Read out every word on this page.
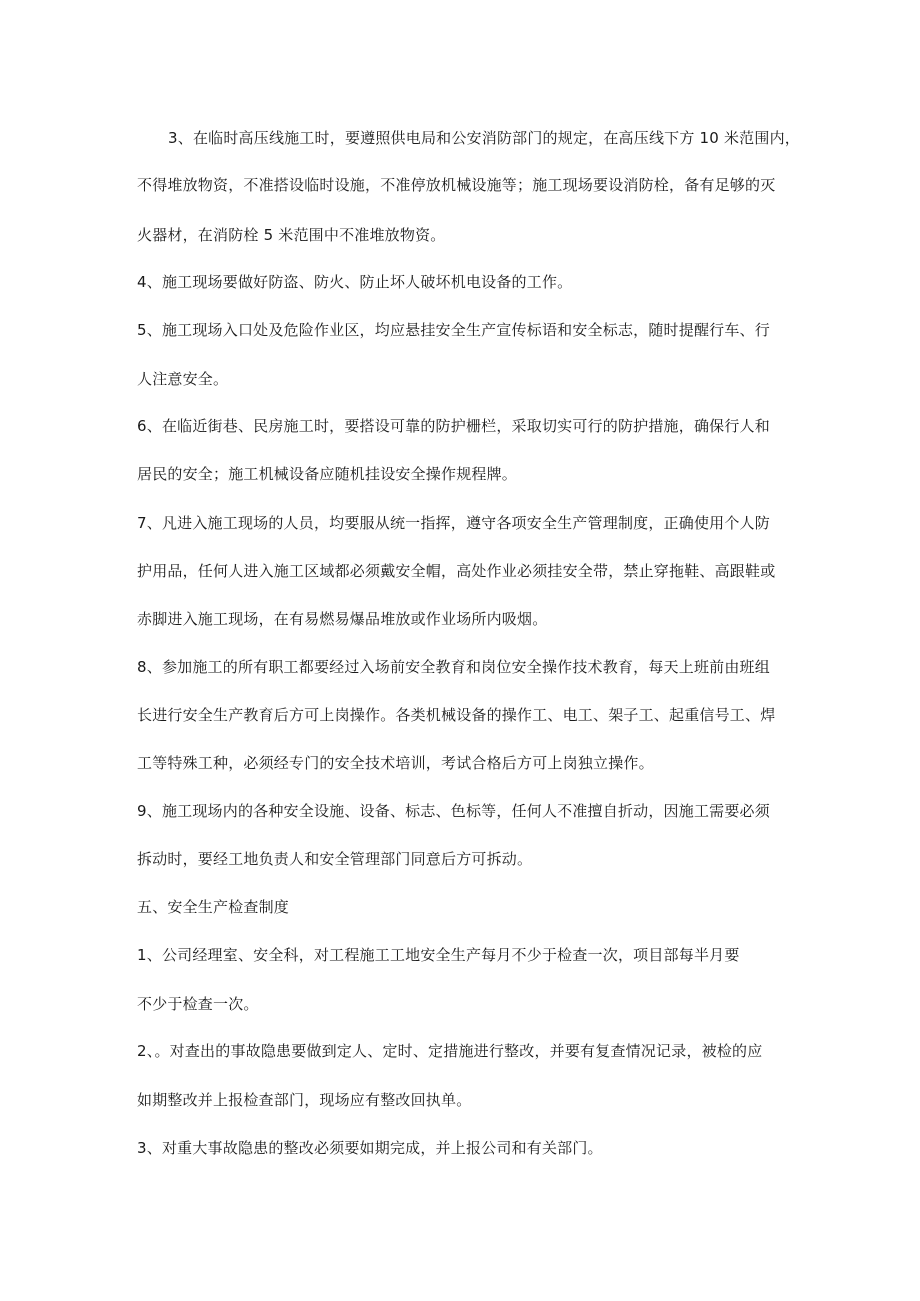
3、在临时高压线施工时，要遵照供电局和公安消防部门的规定，在高压线下方 10 米范围内，
不得堆放物资，不准搭设临时设施，不准停放机械设施等；施工现场要设消防栓，备有足够的灭
火器材，在消防栓 5 米范围中不准堆放物资。
4、施工现场要做好防盗、防火、防止坏人破坏机电设备的工作。
5、施工现场入口处及危险作业区，均应悬挂安全生产宣传标语和安全标志，随时提醒行车、行
人注意安全。
6、在临近街巷、民房施工时，要搭设可靠的防护栅栏，采取切实可行的防护措施，确保行人和
居民的安全；施工机械设备应随机挂设安全操作规程牌。
7、凡进入施工现场的人员，均要服从统一指挥，遵守各项安全生产管理制度，正确使用个人防
护用品，任何人进入施工区域都必须戴安全帽，高处作业必须挂安全带，禁止穿拖鞋、高跟鞋或
赤脚进入施工现场，在有易燃易爆品堆放或作业场所内吸烟。
8、参加施工的所有职工都要经过入场前安全教育和岗位安全操作技术教育，每天上班前由班组
长进行安全生产教育后方可上岗操作。各类机械设备的操作工、电工、架子工、起重信号工、焊
工等特殊工种，必须经专门的安全技术培训，考试合格后方可上岗独立操作。
9、施工现场内的各种安全设施、设备、标志、色标等，任何人不准擅自折动，因施工需要必须
拆动时，要经工地负责人和安全管理部门同意后方可拆动。
五、安全生产检查制度
1、公司经理室、安全科，对工程施工工地安全生产每月不少于检查一次，项目部每半月要
不少于检查一次。
2、。对查出的事故隐患要做到定人、定时、定措施进行整改，并要有复查情况记录，被检的应
如期整改并上报检查部门，现场应有整改回执单。
3、对重大事故隐患的整改必须要如期完成，并上报公司和有关部门。
